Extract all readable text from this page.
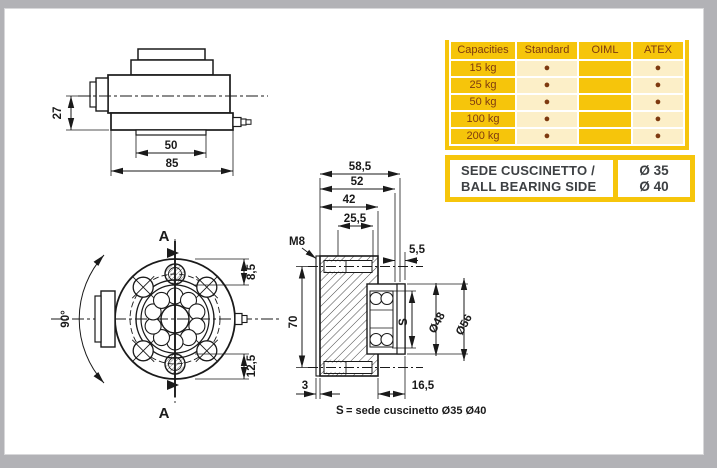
27
50
85
A
A
90°
8,5
12,5
58,5
52
42
25,5
M8
5,5
70	S Ø48 Ø56
3	16,5
S = sede cuscinetto Ø35 Ø40
Capacities	Standard	OIML	ATEX
15 kg	●		●
25 kg	●		●
50 kg	●		●
100 kg	●		●
200 kg	●		●
SEDE CUSCINETTO /
BALL BEARING SIDE
Ø 35
Ø 40
